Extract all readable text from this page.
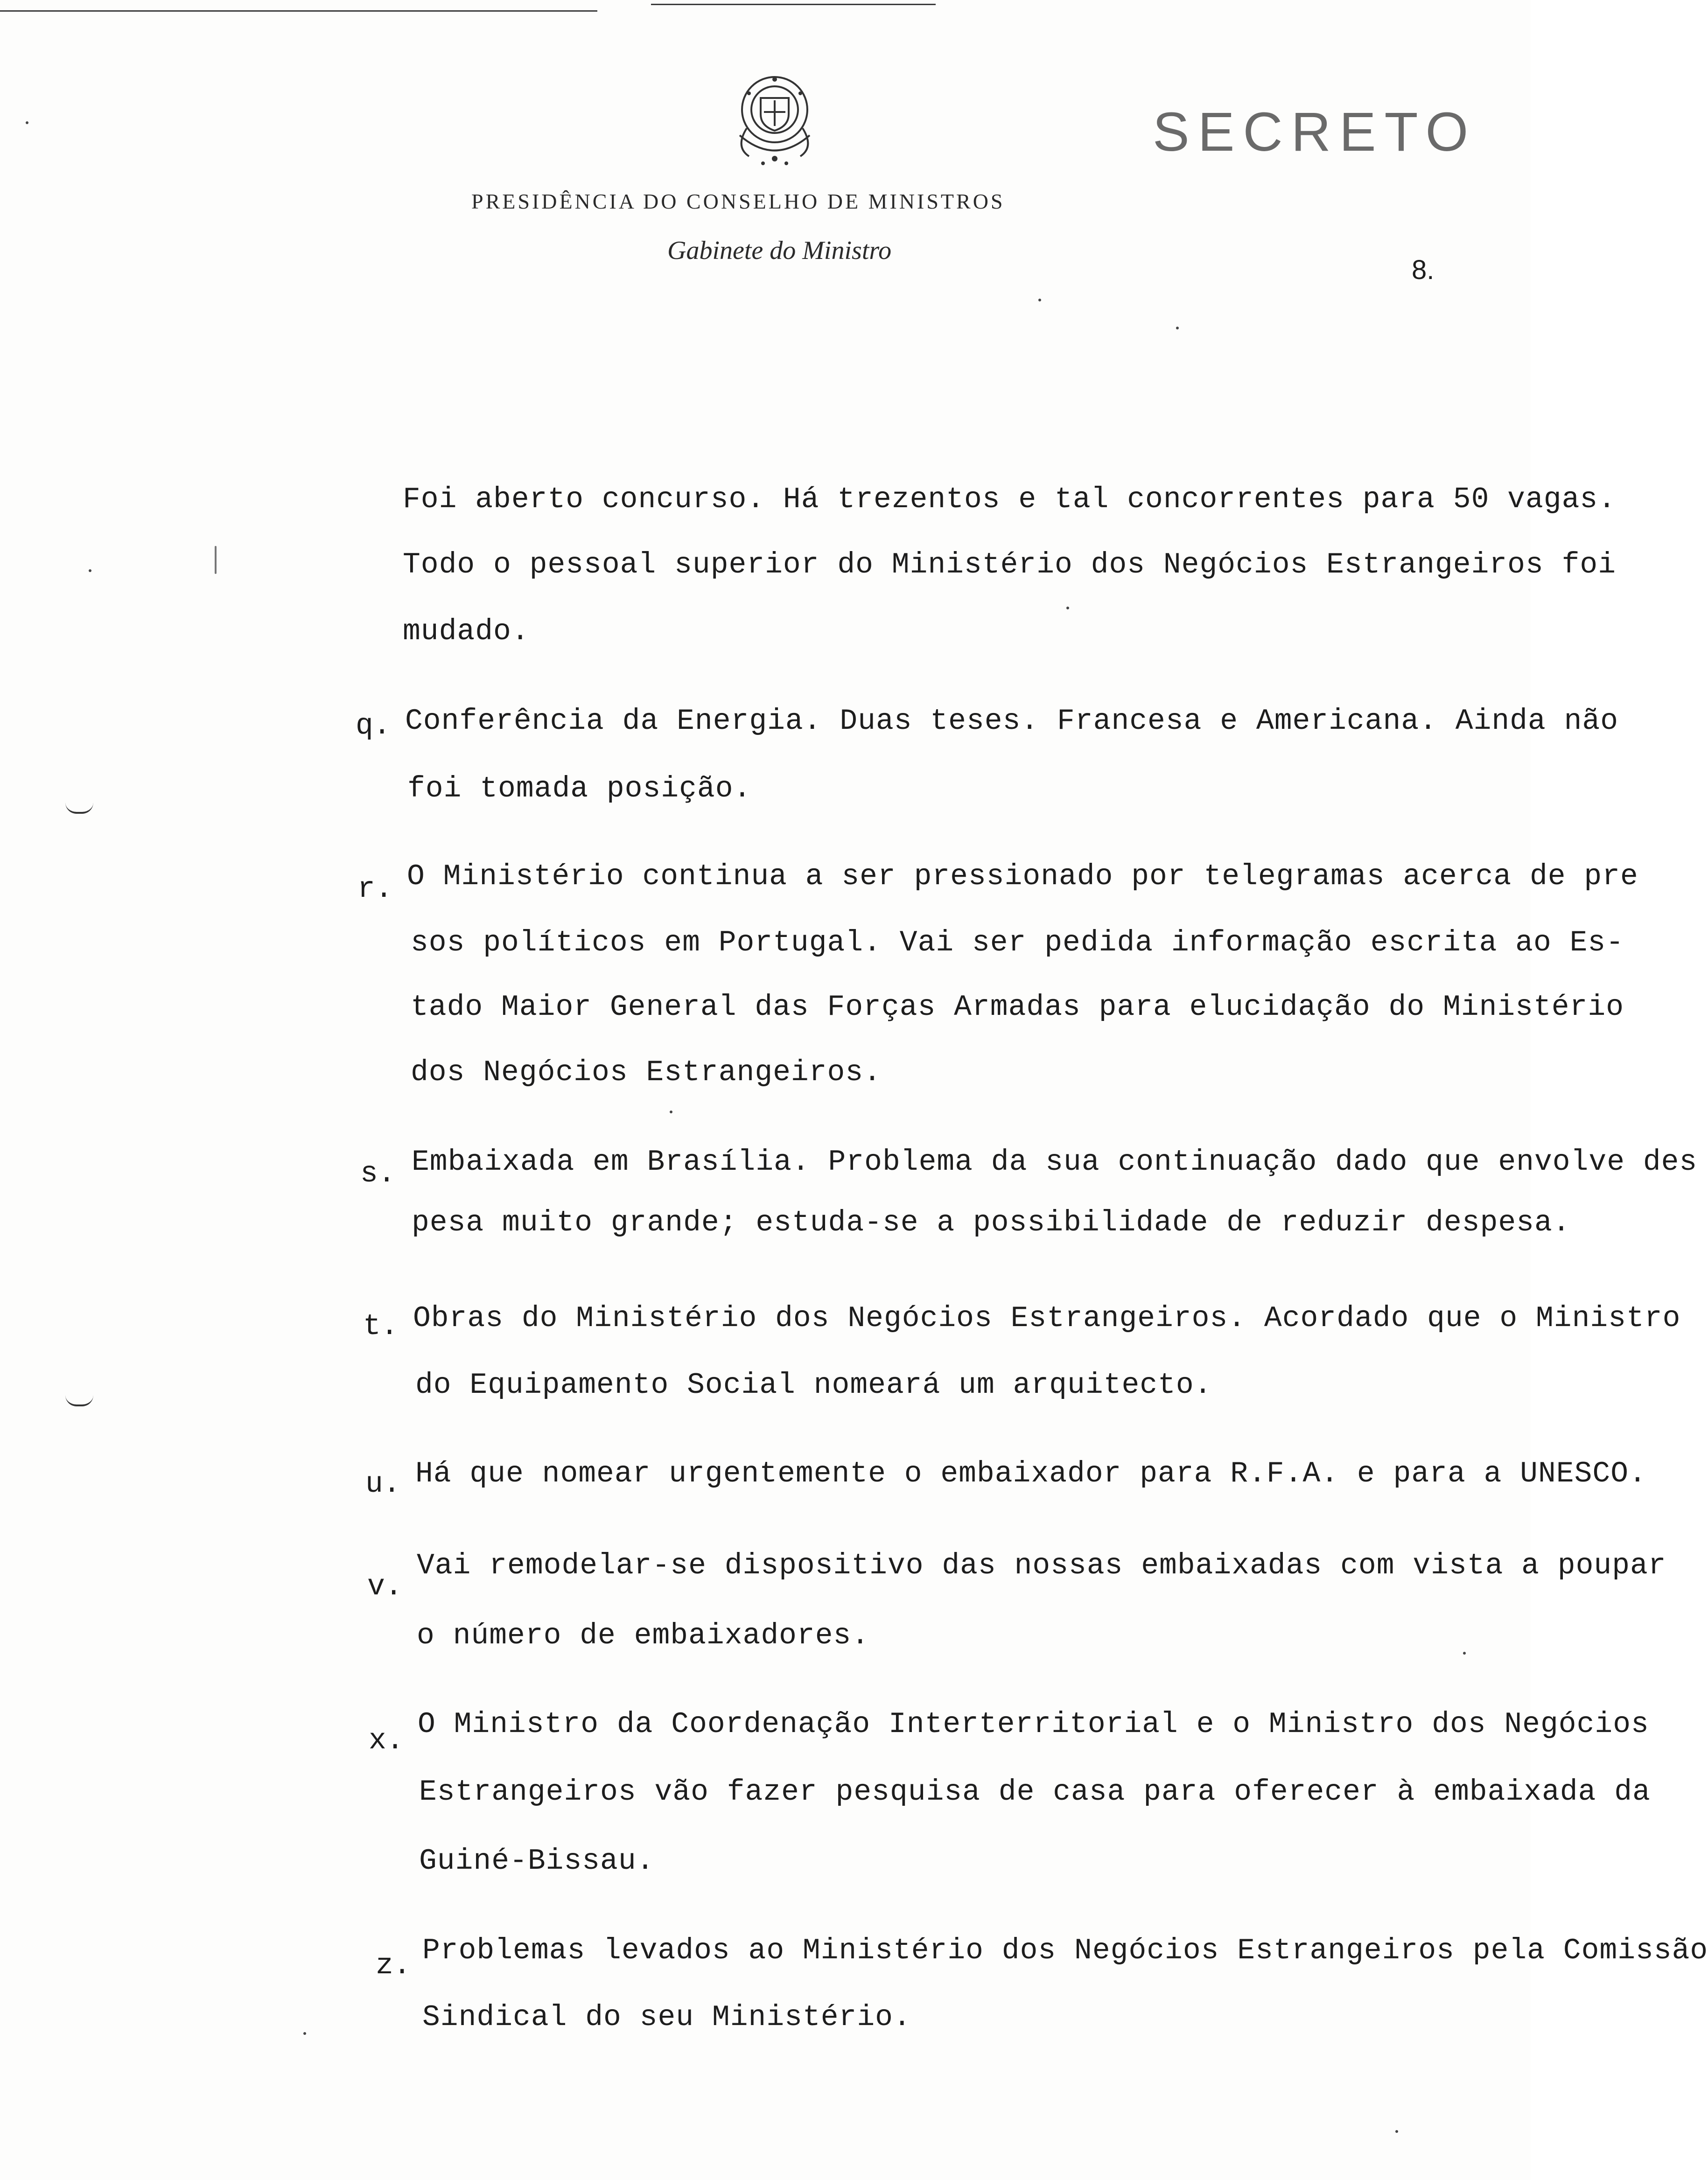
SECRETO
PRESIDÊNCIA DO CONSELHO DE MINISTROS
Gabinete do Ministro
8.
Foi aberto concurso. Há trezentos e tal concorrentes para 50 vagas.
Todo o pessoal superior do Ministério dos Negócios Estrangeiros foi
mudado.
q. Conferência da Energia. Duas teses. Francesa e Americana. Ainda não
foi tomada posição.
r. O Ministério continua a ser pressionado por telegramas acerca de pre
sos políticos em Portugal. Vai ser pedida informação escrita ao Es-
tado Maior General das Forças Armadas para elucidação do Ministério
dos Negócios Estrangeiros.
s. Embaixada em Brasília. Problema da sua continuação dado que envolve des
pesa muito grande; estuda-se a possibilidade de reduzir despesa.
t. Obras do Ministério dos Negócios Estrangeiros. Acordado que o Ministro
do Equipamento Social nomeará um arquitecto.
u. Há que nomear urgentemente o embaixador para R.F.A. e para a UNESCO.
v.
Vai remodelar-se dispositivo das nossas embaixadas com vista a poupar
o número de embaixadores.
x. O Ministro da Coordenação Interterritorial e o Ministro dos Negócios
Estrangeiros vão fazer pesquisa de casa para oferecer à embaixada da
Guiné-Bissau.
z. Problemas levados ao Ministério dos Negócios Estrangeiros pela Comissão
Sindical do seu Ministério.
